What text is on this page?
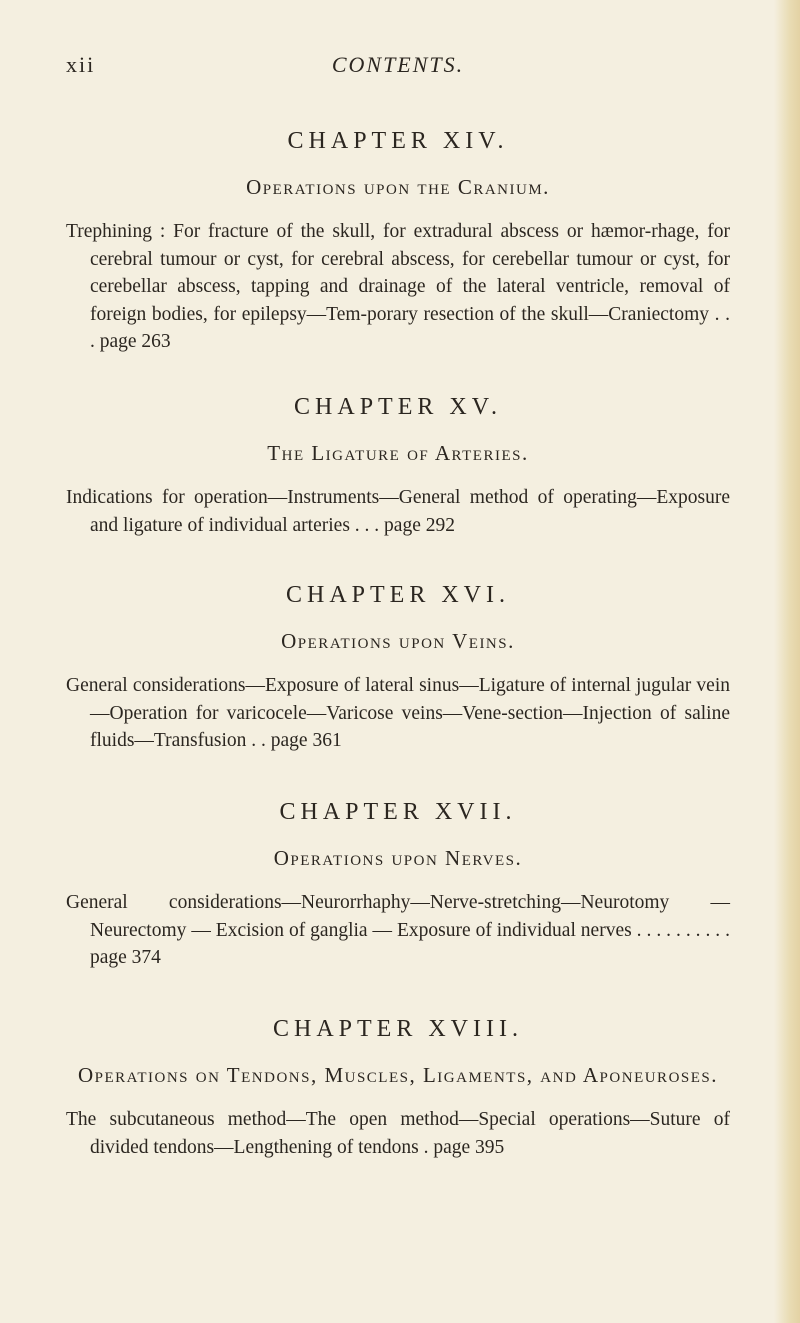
xii	CONTENTS.
CHAPTER XIV.
Operations upon the Cranium.

Trephining : For fracture of the skull, for extradural abscess or hæmor-rhage, for cerebral tumour or cyst, for cerebral abscess, for cerebellar tumour or cyst, for cerebellar abscess, tapping and drainage of the lateral ventricle, removal of foreign bodies, for epilepsy—Tem-porary resection of the skull—Craniectomy . . . page 263

CHAPTER XV.
The Ligature of Arteries.

Indications for operation—Instruments—General method of operating—Exposure and ligature of individual arteries . . . page 292

CHAPTER XVI.
Operations upon Veins.

General considerations—Exposure of lateral sinus—Ligature of internal jugular vein—Operation for varicocele—Varicose veins—Vene-section—Injection of saline fluids—Transfusion . . page 361

CHAPTER XVII.
Operations upon Nerves.

General considerations—Neurorrhaphy—Nerve-stretching—Neurotomy —Neurectomy — Excision of ganglia — Exposure of individual nerves . . . . . . . . . . page 374

CHAPTER XVIII.
Operations on Tendons, Muscles, Ligaments, and Aponeuroses.

The subcutaneous method—The open method—Special operations—Suture of divided tendons—Lengthening of tendons . page 395
